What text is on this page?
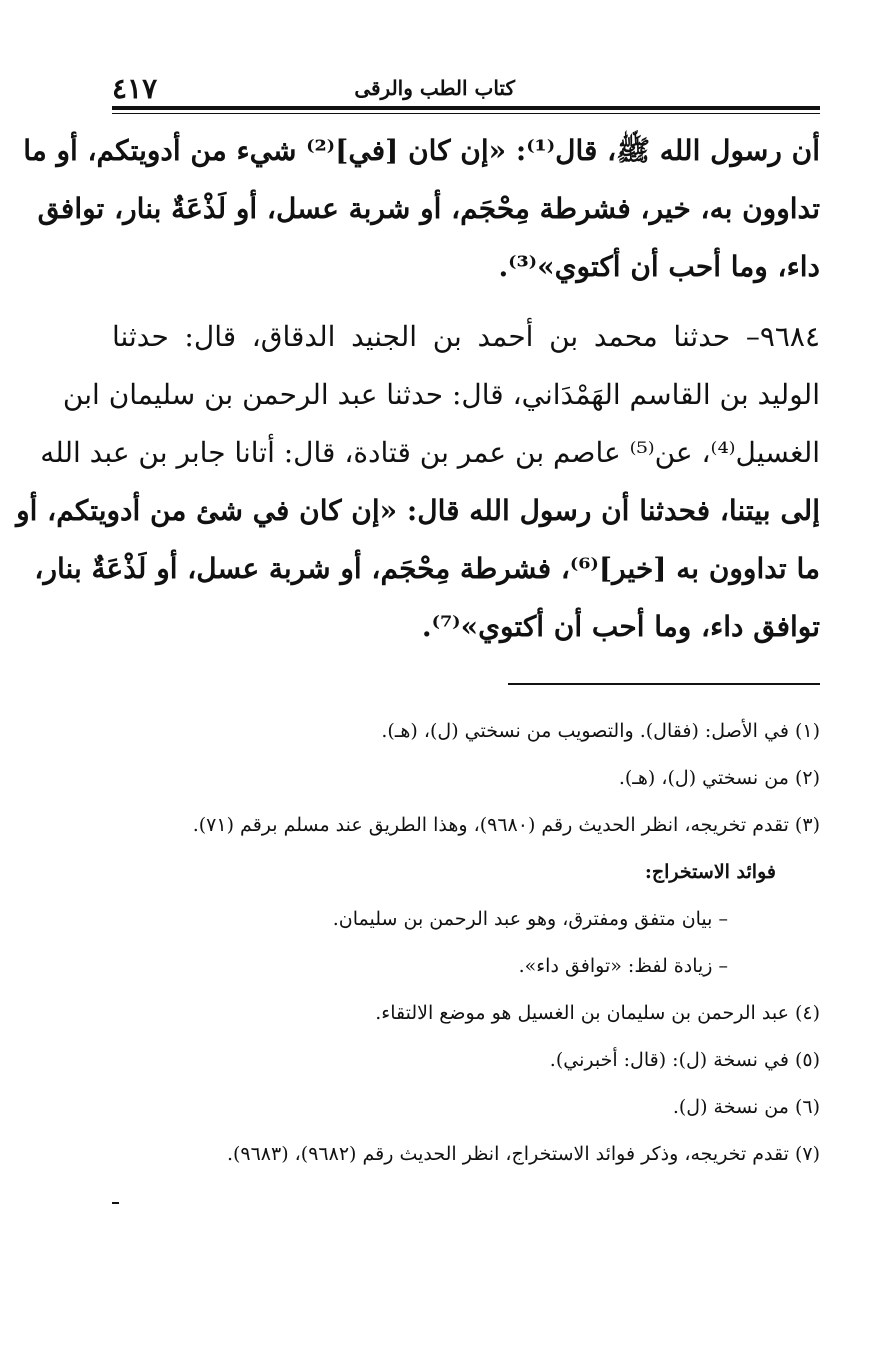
٤١٧	كتاب الطب والرقى
أن رسول الله ﷺ، قال⁽¹⁾: «إن كان [في]⁽²⁾ شيء من أدويتكم، أو ما
تداوون به، خير، فشرطة مِحْجَم، أو شربة عسل، أو لَذْعَةٌ بنار، توافق
داء، وما أحب أن أكتوي»⁽³⁾.
٩٦٨٤– حدثنا محمد بن أحمد بن الجنيد الدقاق، قال: حدثنا
الوليد بن القاسم الهَمْدَاني، قال: حدثنا عبد الرحمن بن سليمان ابن
الغسيل⁽⁴⁾، عن⁽⁵⁾ عاصم بن عمر بن قتادة، قال: أتانا جابر بن عبد الله
إلى بيتنا، فحدثنا أن رسول الله قال: «إن كان في شئ من أدويتكم، أو
ما تداوون به [خير]⁽⁶⁾، فشرطة مِحْجَم، أو شربة عسل، أو لَذْعَةٌ بنار،
توافق داء، وما أحب أن أكتوي»⁽⁷⁾.
(١) في الأصل: (فقال). والتصويب من نسختي (ل)، (هـ).
(٢) من نسختي (ل)، (هـ).
(٣) تقدم تخريجه، انظر الحديث رقم (٩٦٨٠)، وهذا الطريق عند مسلم برقم (٧١).
فوائد الاستخراج:
– بيان متفق ومفترق، وهو عبد الرحمن بن سليمان.
– زيادة لفظ: «توافق داء».
(٤) عبد الرحمن بن سليمان بن الغسيل هو موضع الالتقاء.
(٥) في نسخة (ل): (قال: أخبرني).
(٦) من نسخة (ل).
(٧) تقدم تخريجه، وذكر فوائد الاستخراج، انظر الحديث رقم (٩٦٨٢)، (٩٦٨٣).
